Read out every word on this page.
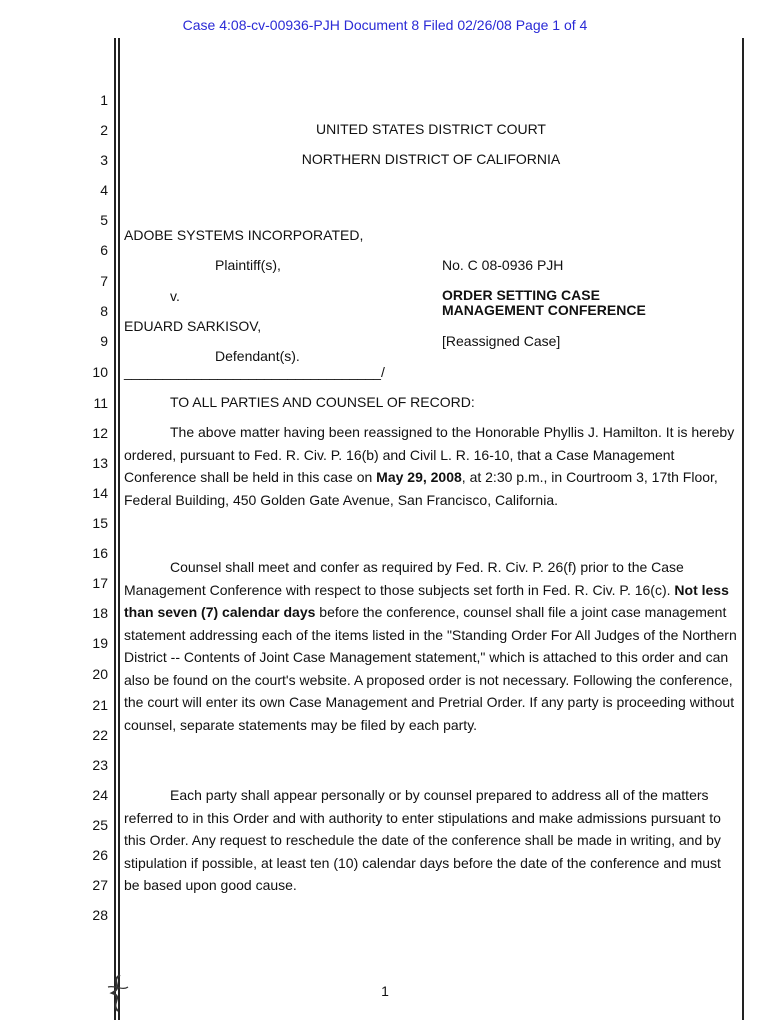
Case 4:08-cv-00936-PJH Document 8 Filed 02/26/08 Page 1 of 4
1
2
3
4
5
6
7
8
9
10
11
12
13
14
15
16
17
18
19
20
21
22
23
24
25
26
27
28
UNITED STATES DISTRICT COURT
NORTHERN DISTRICT OF CALIFORNIA
ADOBE SYSTEMS INCORPORATED,
Plaintiff(s),
v.
EDUARD SARKISOV,
Defendant(s).
_________________________________/
No. C 08-0936 PJH
ORDER SETTING CASE
MANAGEMENT CONFERENCE
[Reassigned Case]
TO ALL PARTIES AND COUNSEL OF RECORD:
The above matter having been reassigned to the Honorable Phyllis J. Hamilton. It is hereby ordered, pursuant to Fed. R. Civ. P. 16(b) and Civil L. R. 16-10, that a Case Management Conference shall be held in this case on May 29, 2008, at 2:30 p.m., in Courtroom 3, 17th Floor, Federal Building, 450 Golden Gate Avenue, San Francisco, California.
Counsel shall meet and confer as required by Fed. R. Civ. P. 26(f) prior to the Case Management Conference with respect to those subjects set forth in Fed. R. Civ. P. 16(c). Not less than seven (7) calendar days before the conference, counsel shall file a joint case management statement addressing each of the items listed in the "Standing Order For All Judges of the Northern District -- Contents of Joint Case Management statement," which is attached to this order and can also be found on the court's website. A proposed order is not necessary. Following the conference, the court will enter its own Case Management and Pretrial Order. If any party is proceeding without counsel, separate statements may be filed by each party.
Each party shall appear personally or by counsel prepared to address all of the matters referred to in this Order and with authority to enter stipulations and make admissions pursuant to this Order. Any request to reschedule the date of the conference shall be made in writing, and by stipulation if possible, at least ten (10) calendar days before the date of the conference and must be based upon good cause.
1
